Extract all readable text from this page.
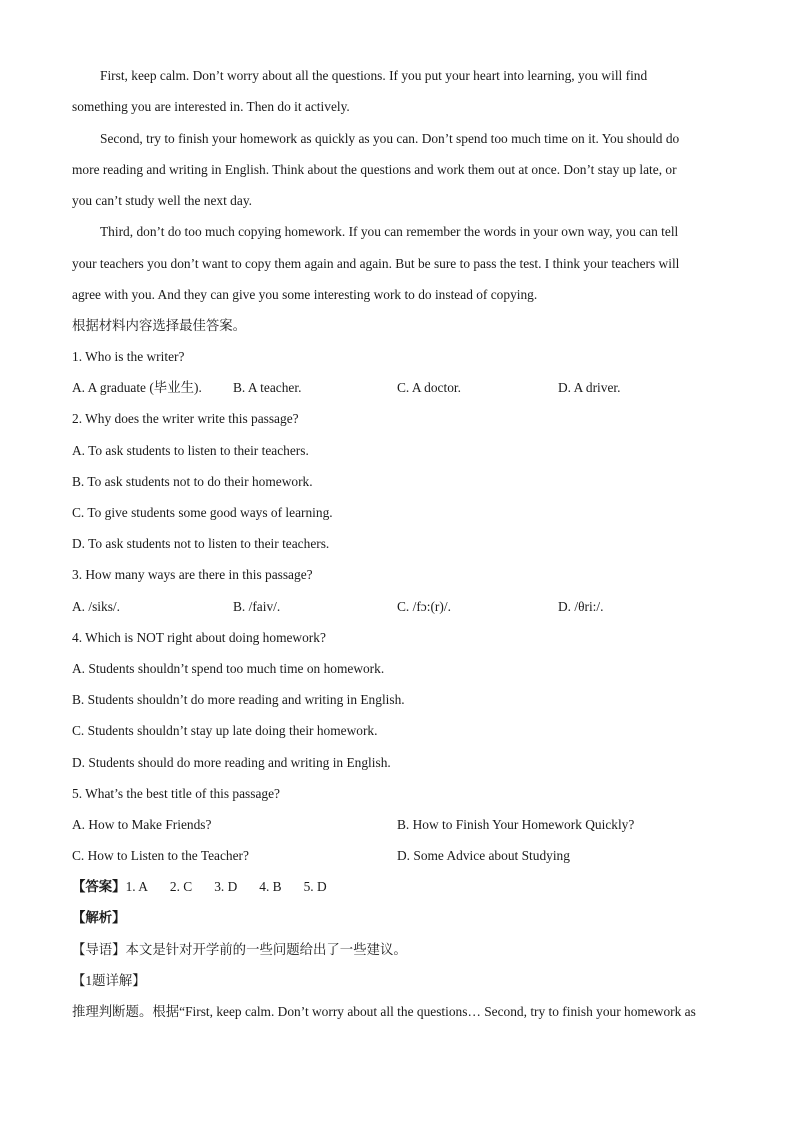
First, keep calm. Don’t worry about all the questions. If you put your heart into learning, you will find
something you are interested in. Then do it actively.
Second, try to finish your homework as quickly as you can. Don’t spend too much time on it. You should do
more reading and writing in English. Think about the questions and work them out at once. Don’t stay up late, or
you can’t study well the next day.
Third, don’t do too much copying homework. If you can remember the words in your own way, you can tell
your teachers you don’t want to copy them again and again. But be sure to pass the test. I think your teachers will
agree with you. And they can give you some interesting work to do instead of copying.
根据材料内容选择最佳答案。
1. Who is the writer?
A. A graduate (毕业生). B. A teacher.	C. A doctor.	D. A driver.
2. Why does the writer write this passage?
A. To ask students to listen to their teachers.
B. To ask students not to do their homework.
C. To give students some good ways of learning.
D. To ask students not to listen to their teachers.
3. How many ways are there in this passage?
A. /siks/.	B. /faiv/.	C. /fɔ:(r)/.	D. /θri:/.
4. Which is NOT right about doing homework?
A. Students shouldn’t spend too much time on homework.
B. Students shouldn’t do more reading and writing in English.
C. Students shouldn’t stay up late doing their homework.
D. Students should do more reading and writing in English.
5. What’s the best title of this passage?
A. How to Make Friends?	B. How to Finish Your Homework Quickly?
C. How to Listen to the Teacher?	D. Some Advice about Studying
【答案】1. A 2. C 3. D 4. B 5. D
【解析】
【导语】本文是针对开学前的一些问题给出了一些建议。
【1题详解】
推理判断题。根据“First, keep calm. Don’t worry about all the questions… Second, try to finish your homework as
